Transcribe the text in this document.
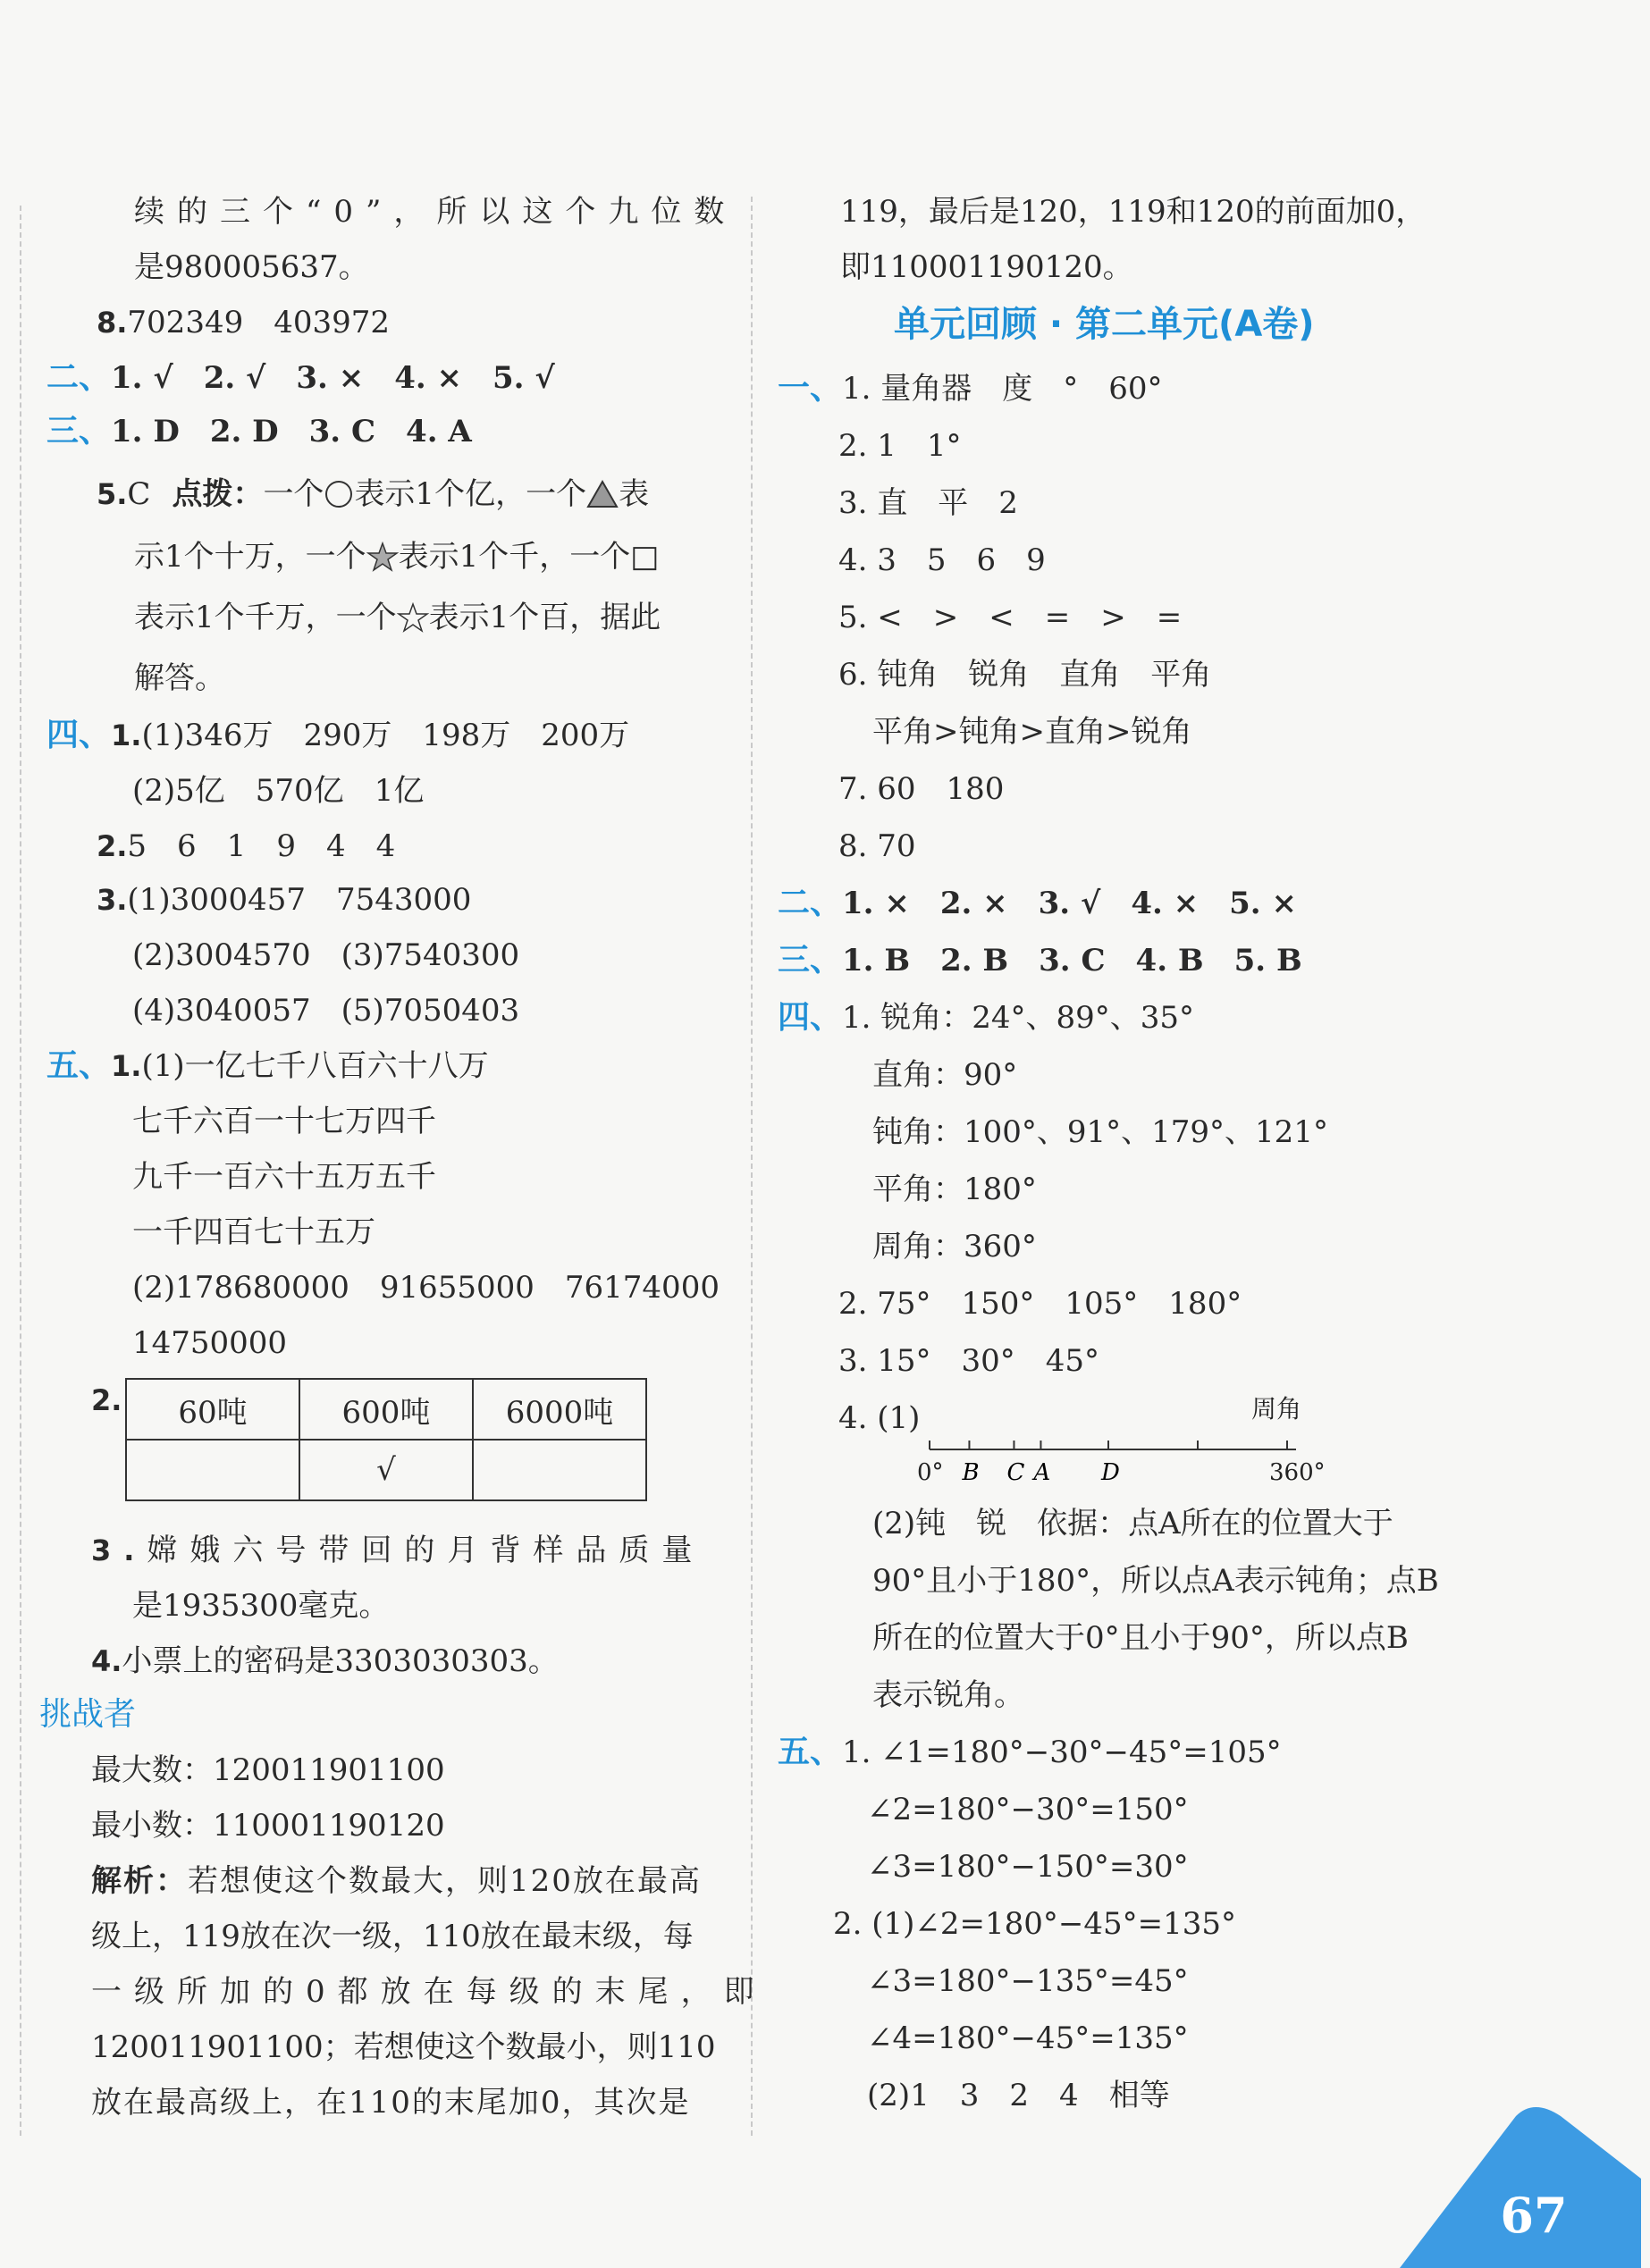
续的三个“0”，所以这个九位数
是980005637。
8.702349　403972
二、1. √　2. √　3. ×　4. ×　5. √
三、1. D　2. D　3. C　4. A
5.C 点拨：一个 表示1个亿，一个 表
示1个十万，一个 表示1个千，一个□
表示1个千万，一个 表示1个百，据此
解答。
四、1.(1)346万　290万　198万　200万
(2)5亿　570亿　1亿
2.5　6　1　9　4　4
3.(1)3000457　7543000
(2)3004570　(3)7540300
(4)3040057　(5)7050403
五、1.(1)一亿七千八百六十八万
七千六百一十七万四千
九千一百六十五万五千
一千四百七十五万
(2)178680000　91655000　76174000
14750000
2. 60吨	600吨	6000吨
	√	
3.嫦娥六号带回的月背样品质量
是1935300毫克。
4.小票上的密码是3303030303。
挑战者
最大数：120011901100
最小数：110001190120
解析：若想使这个数最大，则120放在最高
级上，119放在次一级，110放在最末级，每
一级所加的0都放在每级的末尾，即
120011901100；若想使这个数最小，则110
放在最高级上，在110的末尾加0，其次是
119，最后是120，119和120的前面加0，
即110001190120。
单元回顾 · 第二单元(A卷)
一、1. 量角器　度　°　60°
2. 1　1°
3. 直　平　2
4. 3　5　6　9
5. <　>　<　=　>　=
6. 钝角　锐角　直角　平角
平角>钝角>直角>锐角
7. 60　180
8. 70
二、1. ×　2. ×　3. √　4. ×　5. ×
三、1. B　2. B　3. C　4. B　5. B
四、1. 锐角：24°、89°、35°
直角：90°
钝角：100°、91°、179°、121°
平角：180°
周角：360°
2. 75°　150°　105°　180°
3. 15°　30°　45°
4. (1)	周角
B C A D
0°	360°
(2)钝　锐　依据：点A所在的位置大于
90°且小于180°，所以点A表示钝角；点B
所在的位置大于0°且小于90°，所以点B
表示锐角。
五、1. ∠1=180°−30°−45°=105°
∠2=180°−30°=150°
∠3=180°−150°=30°
2. (1)∠2=180°−45°=135°
∠3=180°−135°=45°
∠4=180°−45°=135°
(2)1　3　2　4　相等
67
